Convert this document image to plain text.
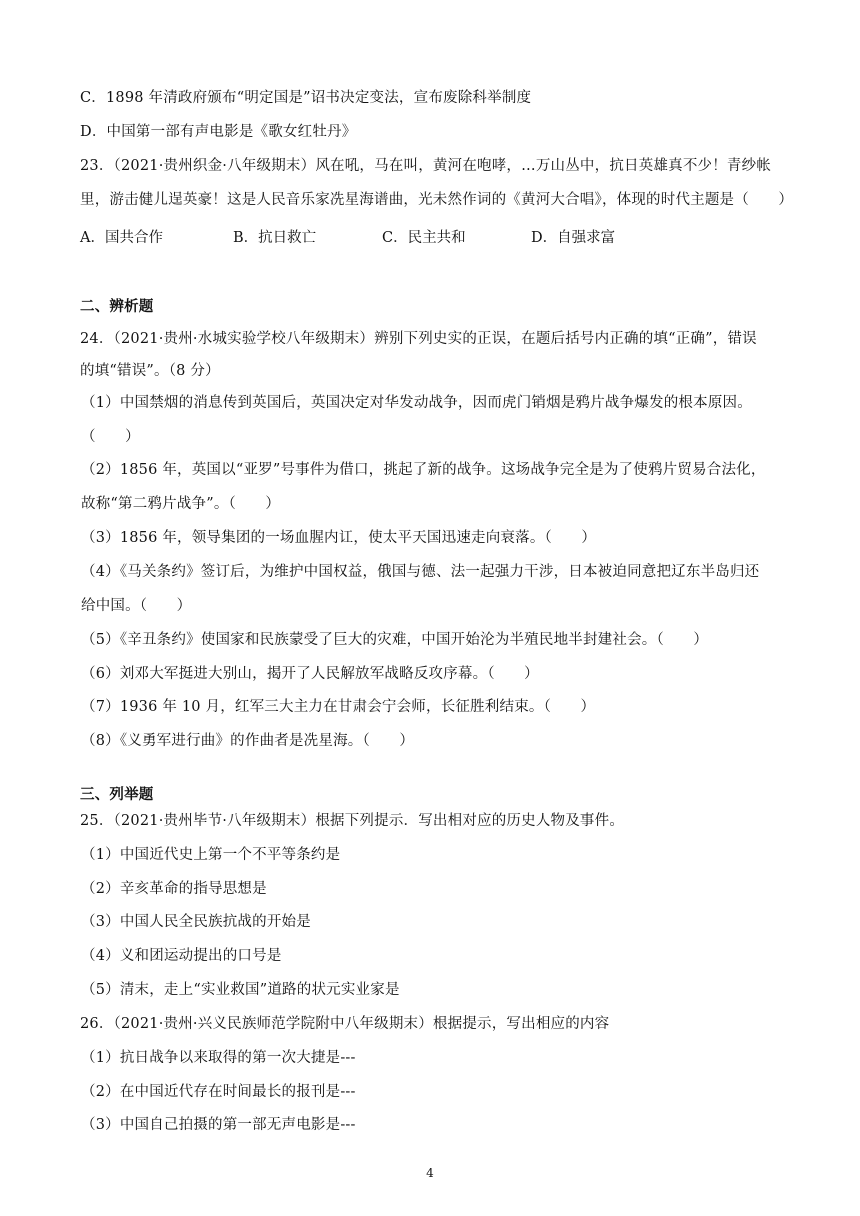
C．1898 年清政府颁布“明定国是”诏书决定变法，宣布废除科举制度
D．中国第一部有声电影是《歌女红牡丹》
23．（2021·贵州织金·八年级期末）风在吼，马在叫，黄河在咆哮，…万山丛中，抗日英雄真不少！青纱帐
里，游击健儿逞英豪！这是人民音乐家冼星海谱曲，光未然作词的《黄河大合唱》，体现的时代主题是（　　）
A．国共合作	B．抗日救亡	C．民主共和	D．自强求富
二、辨析题
24．（2021·贵州·水城实验学校八年级期末）辨别下列史实的正误，在题后括号内正确的填“正确”，错误
的填“错误”。（8 分）
（1）中国禁烟的消息传到英国后，英国决定对华发动战争，因而虎门销烟是鸦片战争爆发的根本原因。
（　　）
（2）1856 年，英国以“亚罗”号事件为借口，挑起了新的战争。这场战争完全是为了使鸦片贸易合法化，
故称“第二鸦片战争”。（　　）
（3）1856 年，领导集团的一场血腥内讧，使太平天国迅速走向衰落。（　　）
（4）《马关条约》签订后，为维护中国权益，俄国与德、法一起强力干涉，日本被迫同意把辽东半岛归还
给中国。（　　）
（5）《辛丑条约》使国家和民族蒙受了巨大的灾难，中国开始沦为半殖民地半封建社会。（　　）
（6）刘邓大军挺进大别山，揭开了人民解放军战略反攻序幕。（　　）
（7）1936 年 10 月，红军三大主力在甘肃会宁会师，长征胜利结束。（　　）
（8）《义勇军进行曲》的作曲者是冼星海。（　　）
三、列举题
25．（2021·贵州毕节·八年级期末）根据下列提示．写出相对应的历史人物及事件。
（1）中国近代史上第一个不平等条约是
（2）辛亥革命的指导思想是
（3）中国人民全民族抗战的开始是
（4）义和团运动提出的口号是
（5）清末，走上“实业救国”道路的状元实业家是
26．（2021·贵州·兴义民族师范学院附中八年级期末）根据提示，写出相应的内容
（1）抗日战争以来取得的第一次大捷是---
（2）在中国近代存在时间最长的报刊是---
（3）中国自己拍摄的第一部无声电影是---
4
